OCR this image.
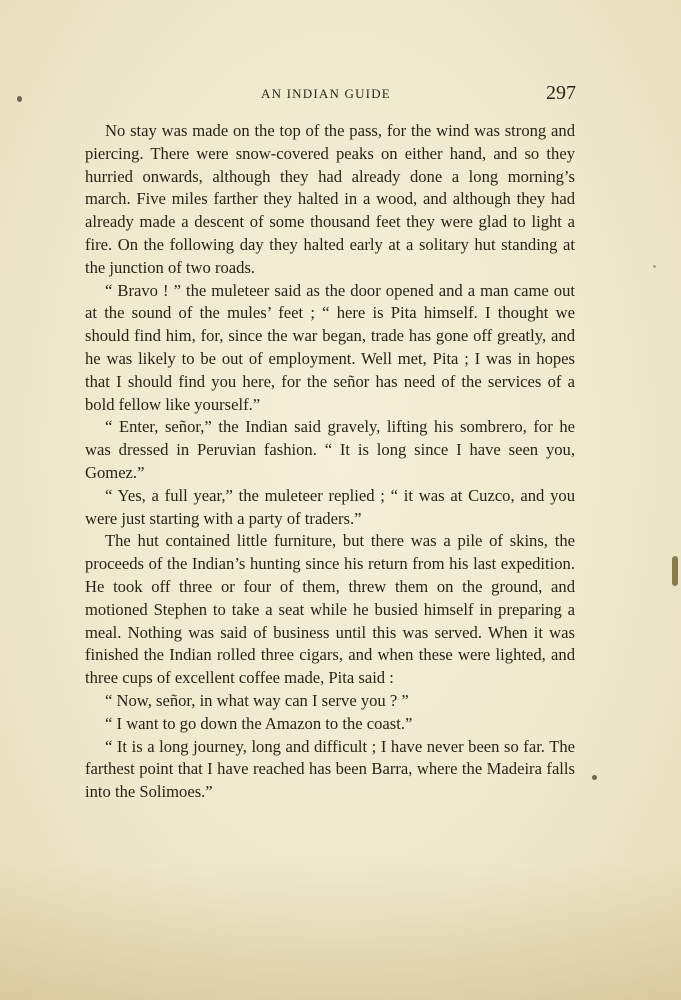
AN INDIAN GUIDE	297

No stay was made on the top of the pass, for the wind was strong and piercing. There were snow-covered peaks on either hand, and so they hurried onwards, although they had already done a long morning’s march. Five miles farther they halted in a wood, and although they had already made a descent of some thousand feet they were glad to light a fire. On the following day they halted early at a solitary hut standing at the junction of two roads.

“ Bravo ! ” the muleteer said as the door opened and a man came out at the sound of the mules’ feet ; “ here is Pita himself. I thought we should find him, for, since the war began, trade has gone off greatly, and he was likely to be out of employment. Well met, Pita ; I was in hopes that I should find you here, for the señor has need of the services of a bold fellow like yourself.”

“ Enter, señor,” the Indian said gravely, lifting his sombrero, for he was dressed in Peruvian fashion. “ It is long since I have seen you, Gomez.”

“ Yes, a full year,” the muleteer replied ; “ it was at Cuzco, and you were just starting with a party of traders.”

The hut contained little furniture, but there was a pile of skins, the proceeds of the Indian’s hunting since his return from his last expedition. He took off three or four of them, threw them on the ground, and motioned Stephen to take a seat while he busied himself in preparing a meal. Nothing was said of business until this was served. When it was finished the Indian rolled three cigars, and when these were lighted, and three cups of excellent coffee made, Pita said :

“ Now, señor, in what way can I serve you ? ”

“ I want to go down the Amazon to the coast.”

“ It is a long journey, long and difficult ; I have never been so far. The farthest point that I have reached has been Barra, where the Madeira falls into the Solimoes.”
